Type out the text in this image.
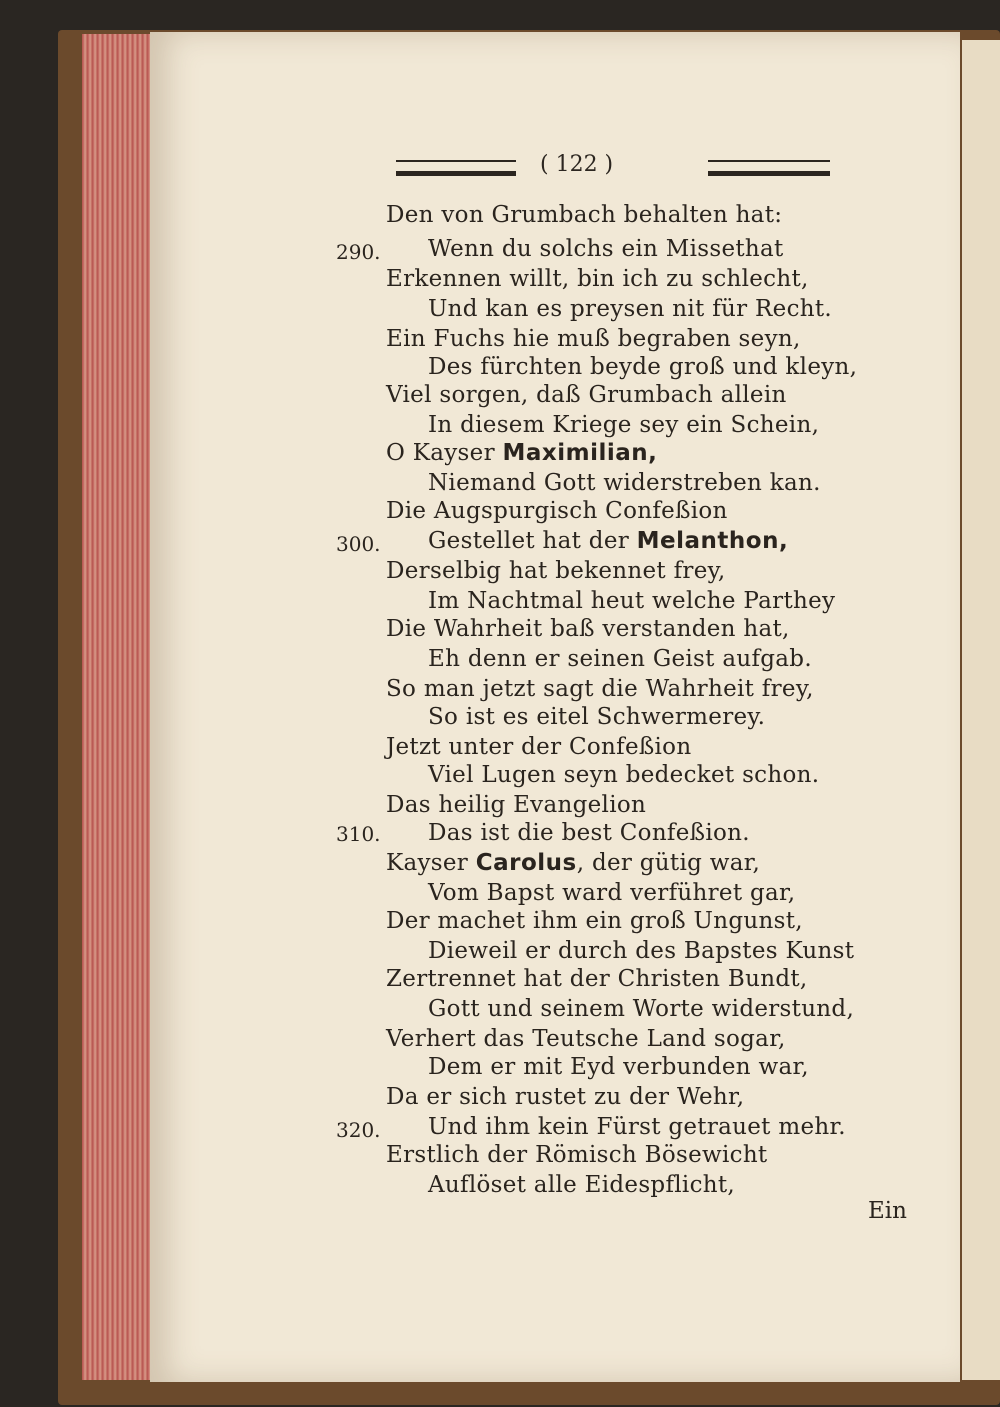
( 122 )
290.
300.
310.
320.
Den von Grumbach behalten hat:
Wenn du solchs ein Missethat
Erkennen willt, bin ich zu schlecht,
Und kan es preysen nit für Recht.
Ein Fuchs hie muß begraben seyn,
Des fürchten beyde groß und kleyn,
Viel sorgen, daß Grumbach allein
In diesem Kriege sey ein Schein,
O Kayser Maximilian,
Niemand Gott widerstreben kan.
Die Augspurgisch Confeßion
Gestellet hat der Melanthon,
Derselbig hat bekennet frey,
Im Nachtmal heut welche Parthey
Die Wahrheit baß verstanden hat,
Eh denn er seinen Geist aufgab.
So man jetzt sagt die Wahrheit frey,
So ist es eitel Schwermerey.
Jetzt unter der Confeßion
Viel Lugen seyn bedecket schon.
Das heilig Evangelion
Das ist die best Confeßion.
Kayser Carolus, der gütig war,
Vom Bapst ward verführet gar,
Der machet ihm ein groß Ungunst,
Dieweil er durch des Bapstes Kunst
Zertrennet hat der Christen Bundt,
Gott und seinem Worte widerstund,
Verhert das Teutsche Land sogar,
Dem er mit Eyd verbunden war,
Da er sich rustet zu der Wehr,
Und ihm kein Fürst getrauet mehr.
Erstlich der Römisch Bösewicht
Auflöset alle Eidespflicht,
Ein
